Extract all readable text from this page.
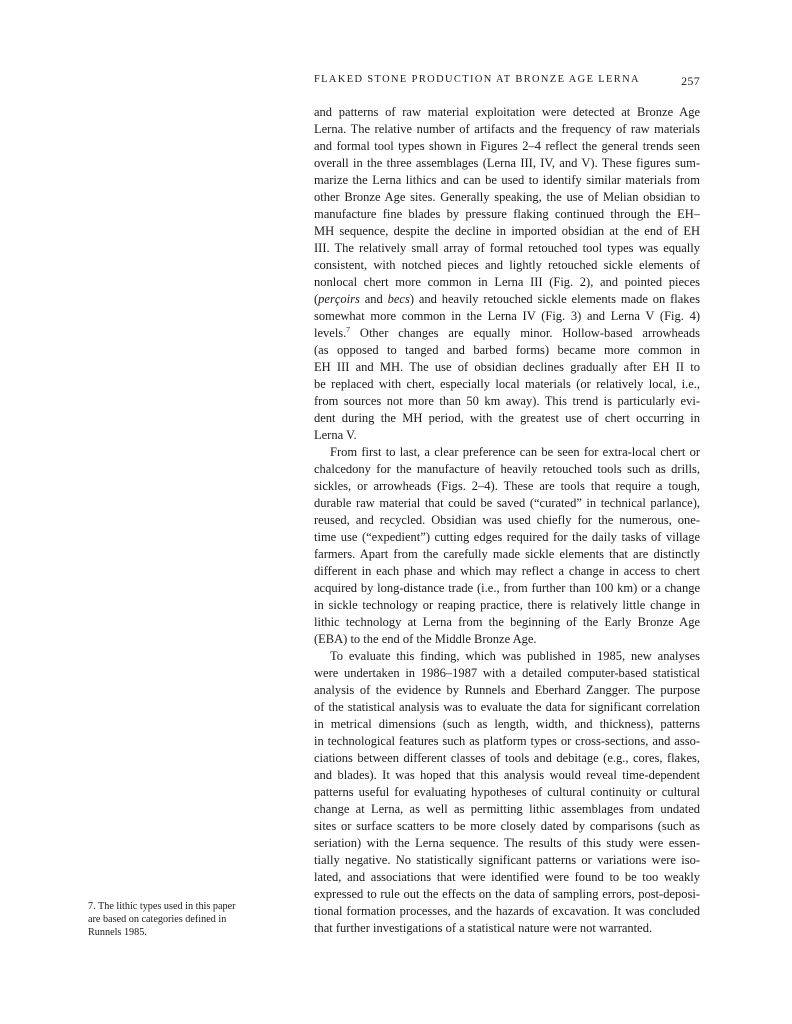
FLAKED STONE PRODUCTION AT BRONZE AGE LERNA	257
and patterns of raw material exploitation were detected at Bronze Age
Lerna. The relative number of artifacts and the frequency of raw materials
and formal tool types shown in Figures 2–4 reflect the general trends seen
overall in the three assemblages (Lerna III, IV, and V). These figures sum-
marize the Lerna lithics and can be used to identify similar materials from
other Bronze Age sites. Generally speaking, the use of Melian obsidian to
manufacture fine blades by pressure flaking continued through the EH–
MH sequence, despite the decline in imported obsidian at the end of EH
III. The relatively small array of formal retouched tool types was equally
consistent, with notched pieces and lightly retouched sickle elements of
nonlocal chert more common in Lerna III (Fig. 2), and pointed pieces
(perçoirs and becs) and heavily retouched sickle elements made on flakes
somewhat more common in the Lerna IV (Fig. 3) and Lerna V (Fig. 4)
levels.$^7$ Other changes are equally minor. Hollow-based arrowheads
(as opposed to tanged and barbed forms) became more common in
EH III and MH. The use of obsidian declines gradually after EH II to
be replaced with chert, especially local materials (or relatively local, i.e.,
from sources not more than 50 km away). This trend is particularly evi-
dent during the MH period, with the greatest use of chert occurring in
Lerna V.
From first to last, a clear preference can be seen for extra-local chert or
chalcedony for the manufacture of heavily retouched tools such as drills,
sickles, or arrowheads (Figs. 2–4). These are tools that require a tough,
durable raw material that could be saved (“curated” in technical parlance),
reused, and recycled. Obsidian was used chiefly for the numerous, one-
time use (“expedient”) cutting edges required for the daily tasks of village
farmers. Apart from the carefully made sickle elements that are distinctly
different in each phase and which may reflect a change in access to chert
acquired by long-distance trade (i.e., from further than 100 km) or a change
in sickle technology or reaping practice, there is relatively little change in
lithic technology at Lerna from the beginning of the Early Bronze Age
(EBA) to the end of the Middle Bronze Age.
To evaluate this finding, which was published in 1985, new analyses
were undertaken in 1986–1987 with a detailed computer-based statistical
analysis of the evidence by Runnels and Eberhard Zangger. The purpose
of the statistical analysis was to evaluate the data for significant correlation
in metrical dimensions (such as length, width, and thickness), patterns
in technological features such as platform types or cross-sections, and asso-
ciations between different classes of tools and debitage (e.g., cores, flakes,
and blades). It was hoped that this analysis would reveal time-dependent
patterns useful for evaluating hypotheses of cultural continuity or cultural
change at Lerna, as well as permitting lithic assemblages from undated
sites or surface scatters to be more closely dated by comparisons (such as
seriation) with the Lerna sequence. The results of this study were essen-
tially negative. No statistically significant patterns or variations were iso-
lated, and associations that were identified were found to be too weakly
expressed to rule out the effects on the data of sampling errors, post-deposi-
tional formation processes, and the hazards of excavation. It was concluded
that further investigations of a statistical nature were not warranted.
7. The lithic types used in this paper
are based on categories defined in
Runnels 1985.
